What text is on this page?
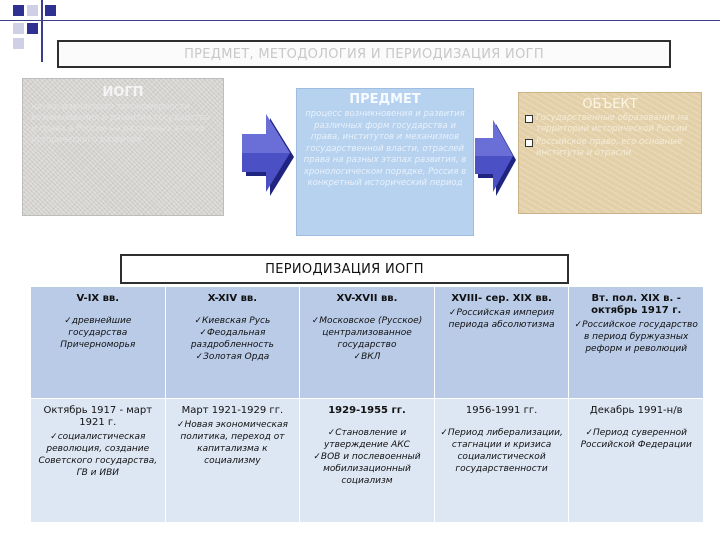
ПРЕДМЕТ, МЕТОДОЛОГИЯ И ПЕРИОДИЗАЦИЯ ИОГП
ИОГП
наука, изучающая закономерности возникновения и развития государства и права в России на различных этапах исторического развития
ПРЕДМЕТ
процесс возникновения и развития различных форм государства и права, институтов и механизмов государственной власти, отраслей права на разных этапах развития, в хронологическом порядке, Россия в конкретный исторический период
ОБЪЕКТ
Государственные образования на территории исторической России
Российское право, его основные институты и отрасли
ПЕРИОДИЗАЦИЯ ИОГП
V-IX вв.
✓ древнейшие государства Причерноморья	X-XIV вв.
✓ Киевская Русь
✓ Феодальная раздробленность
✓ Золотая Орда	XV-XVII вв.
✓ Московское (Русское) централизованное государство
✓ ВКЛ	XVIII- сер. XIX вв.
✓ Российская империя периода абсолютизма	Вт. пол. XIX в. - октябрь 1917 г.
✓ Российское государство в период буржуазных реформ и революций

Октябрь 1917 - март 1921 г.
✓ социалистическая революция, создание Советского государства, ГВ и ИВИ	Март 1921-1929 гг.
✓ Новая экономическая политика, переход от капитализма к социализму	1929-1955 гг.
✓ Становление и утверждение АКС
✓ ВОВ и послевоенный мобилизационный социализм	1956-1991 гг.
✓ Период либерализации, стагнации и кризиса социалистической государственности	Декабрь 1991-н/в
✓ Период суверенной Российской Федерации
